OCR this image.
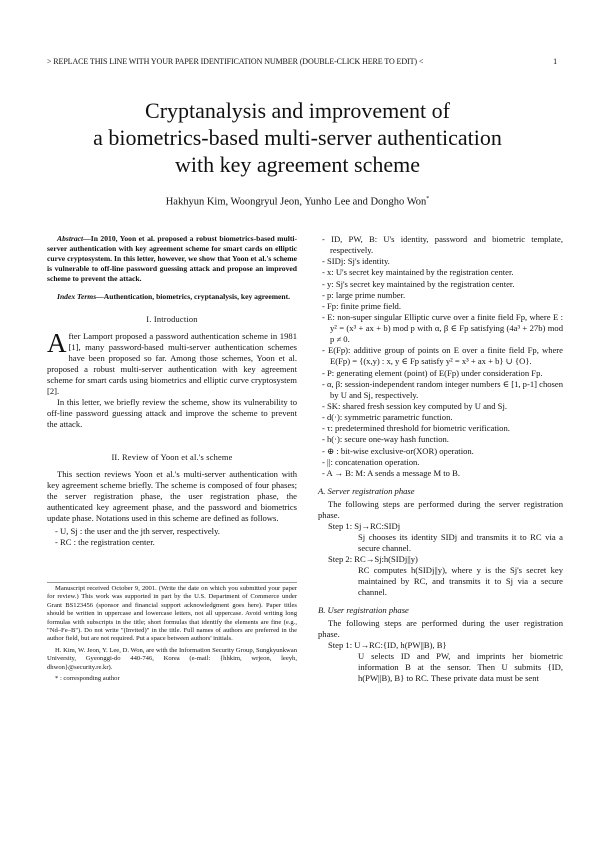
> REPLACE THIS LINE WITH YOUR PAPER IDENTIFICATION NUMBER (DOUBLE-CLICK HERE TO EDIT) <	1
Cryptanalysis and improvement of
a biometrics-based multi-server authentication
with key agreement scheme
Hakhyun Kim, Woongryul Jeon, Yunho Lee and Dongho Won*

Abstract—In 2010, Yoon et al. proposed a robust biometrics-based multi-server authentication with key agreement scheme for smart cards on elliptic curve cryptosystem. In this letter, however, we show that Yoon et al.'s scheme is vulnerable to off-line password guessing attack and propose an improved scheme to prevent the attack.

Index Terms—Authentication, biometrics, cryptanalysis, key agreement.

I. Introduction

After Lamport proposed a password authentication scheme in 1981 [1], many password-based multi-server authentication schemes have been proposed so far. Among those schemes, Yoon et al. proposed a robust multi-server authentication with key agreement scheme for smart cards using biometrics and elliptic curve cryptosystem [2].

In this letter, we briefly review the scheme, show its vulnerability to off-line password guessing attack and improve the scheme to prevent the attack.

II. Review of Yoon et al.'s scheme

This section reviews Yoon et al.'s multi-server authentication with key agreement scheme briefly. The scheme is composed of four phases; the server registration phase, the user registration phase, the authenticated key agreement phase, and the password and biometrics update phase. Notations used in this scheme are defined as follows.

- U, Sj : the user and the jth server, respectively.
- RC : the registration center.

Manuscript received October 9, 2001. (Write the date on which you submitted your paper for review.) This work was supported in part by the U.S. Department of Commerce under Grant BS123456 (sponsor and financial support acknowledgment goes here). Paper titles should be written in uppercase and lowercase letters, not all uppercase. Avoid writing long formulas with subscripts in the title; short formulas that identify the elements are fine (e.g., "Nd–Fe–B"). Do not write "(Invited)" in the title. Full names of authors are preferred in the author field, but are not required. Put a space between authors' initials.

H. Kim, W. Jeon, Y. Lee, D. Won, are with the Information Security Group, Sungkyunkwan University, Gyeonggi-do 440-746, Korea (e-mail: {hhkim, wrjeon, leeyh, dhwon}@security.re.kr).

* : corresponding author

- ID, PW, B: U's identity, password and biometric template, respectively.
- SIDj: Sj's identity.
- x: U's secret key maintained by the registration center.
- y: Sj's secret key maintained by the registration center.
- p: large prime number.
- Fp: finite prime field.
- E: non-super singular Elliptic curve over a finite field Fp, where E : y² = (x³ + ax + b) mod p with α, β ∈ Fp satisfying (4a³ + 27b) mod p ≠ 0.
- E(Fp): additive group of points on E over a finite field Fp, where E(Fp) = {(x,y) : x, y ∈ Fp satisfy y² = x³ + ax + b} ∪ {O}.
- P: generating element (point) of E(Fp) under consideration Fp.
- α, β: session-independent random integer numbers ∈ [1, p-1] chosen by U and Sj, respectively.
- SK: shared fresh session key computed by U and Sj.
- d(·): symmetric parametric function.
- τ: predetermined threshold for biometric verification.
- h(·): secure one-way hash function.
- ⊕ : bit-wise exclusive-or(XOR) operation.
- ||: concatenation operation.
- A → B: M: A sends a message M to B.
A. Server registration phase

The following steps are performed during the server registration phase.

Step 1: Sj→RC:SIDj
Sj chooses its identity SIDj and transmits it to RC via a secure channel.
Step 2: RC→Sj:h(SIDj||y)
RC computes h(SIDj||y), where y is the Sj's secret key maintained by RC, and transmits it to Sj via a secure channel.
B. User registration phase

The following steps are performed during the user registration phase.

Step 1: U→RC:{ID, h(PW||B), B}
U selects ID and PW, and imprints her biometric information B at the sensor. Then U submits {ID, h(PW||B), B} to RC. These private data must be sent
